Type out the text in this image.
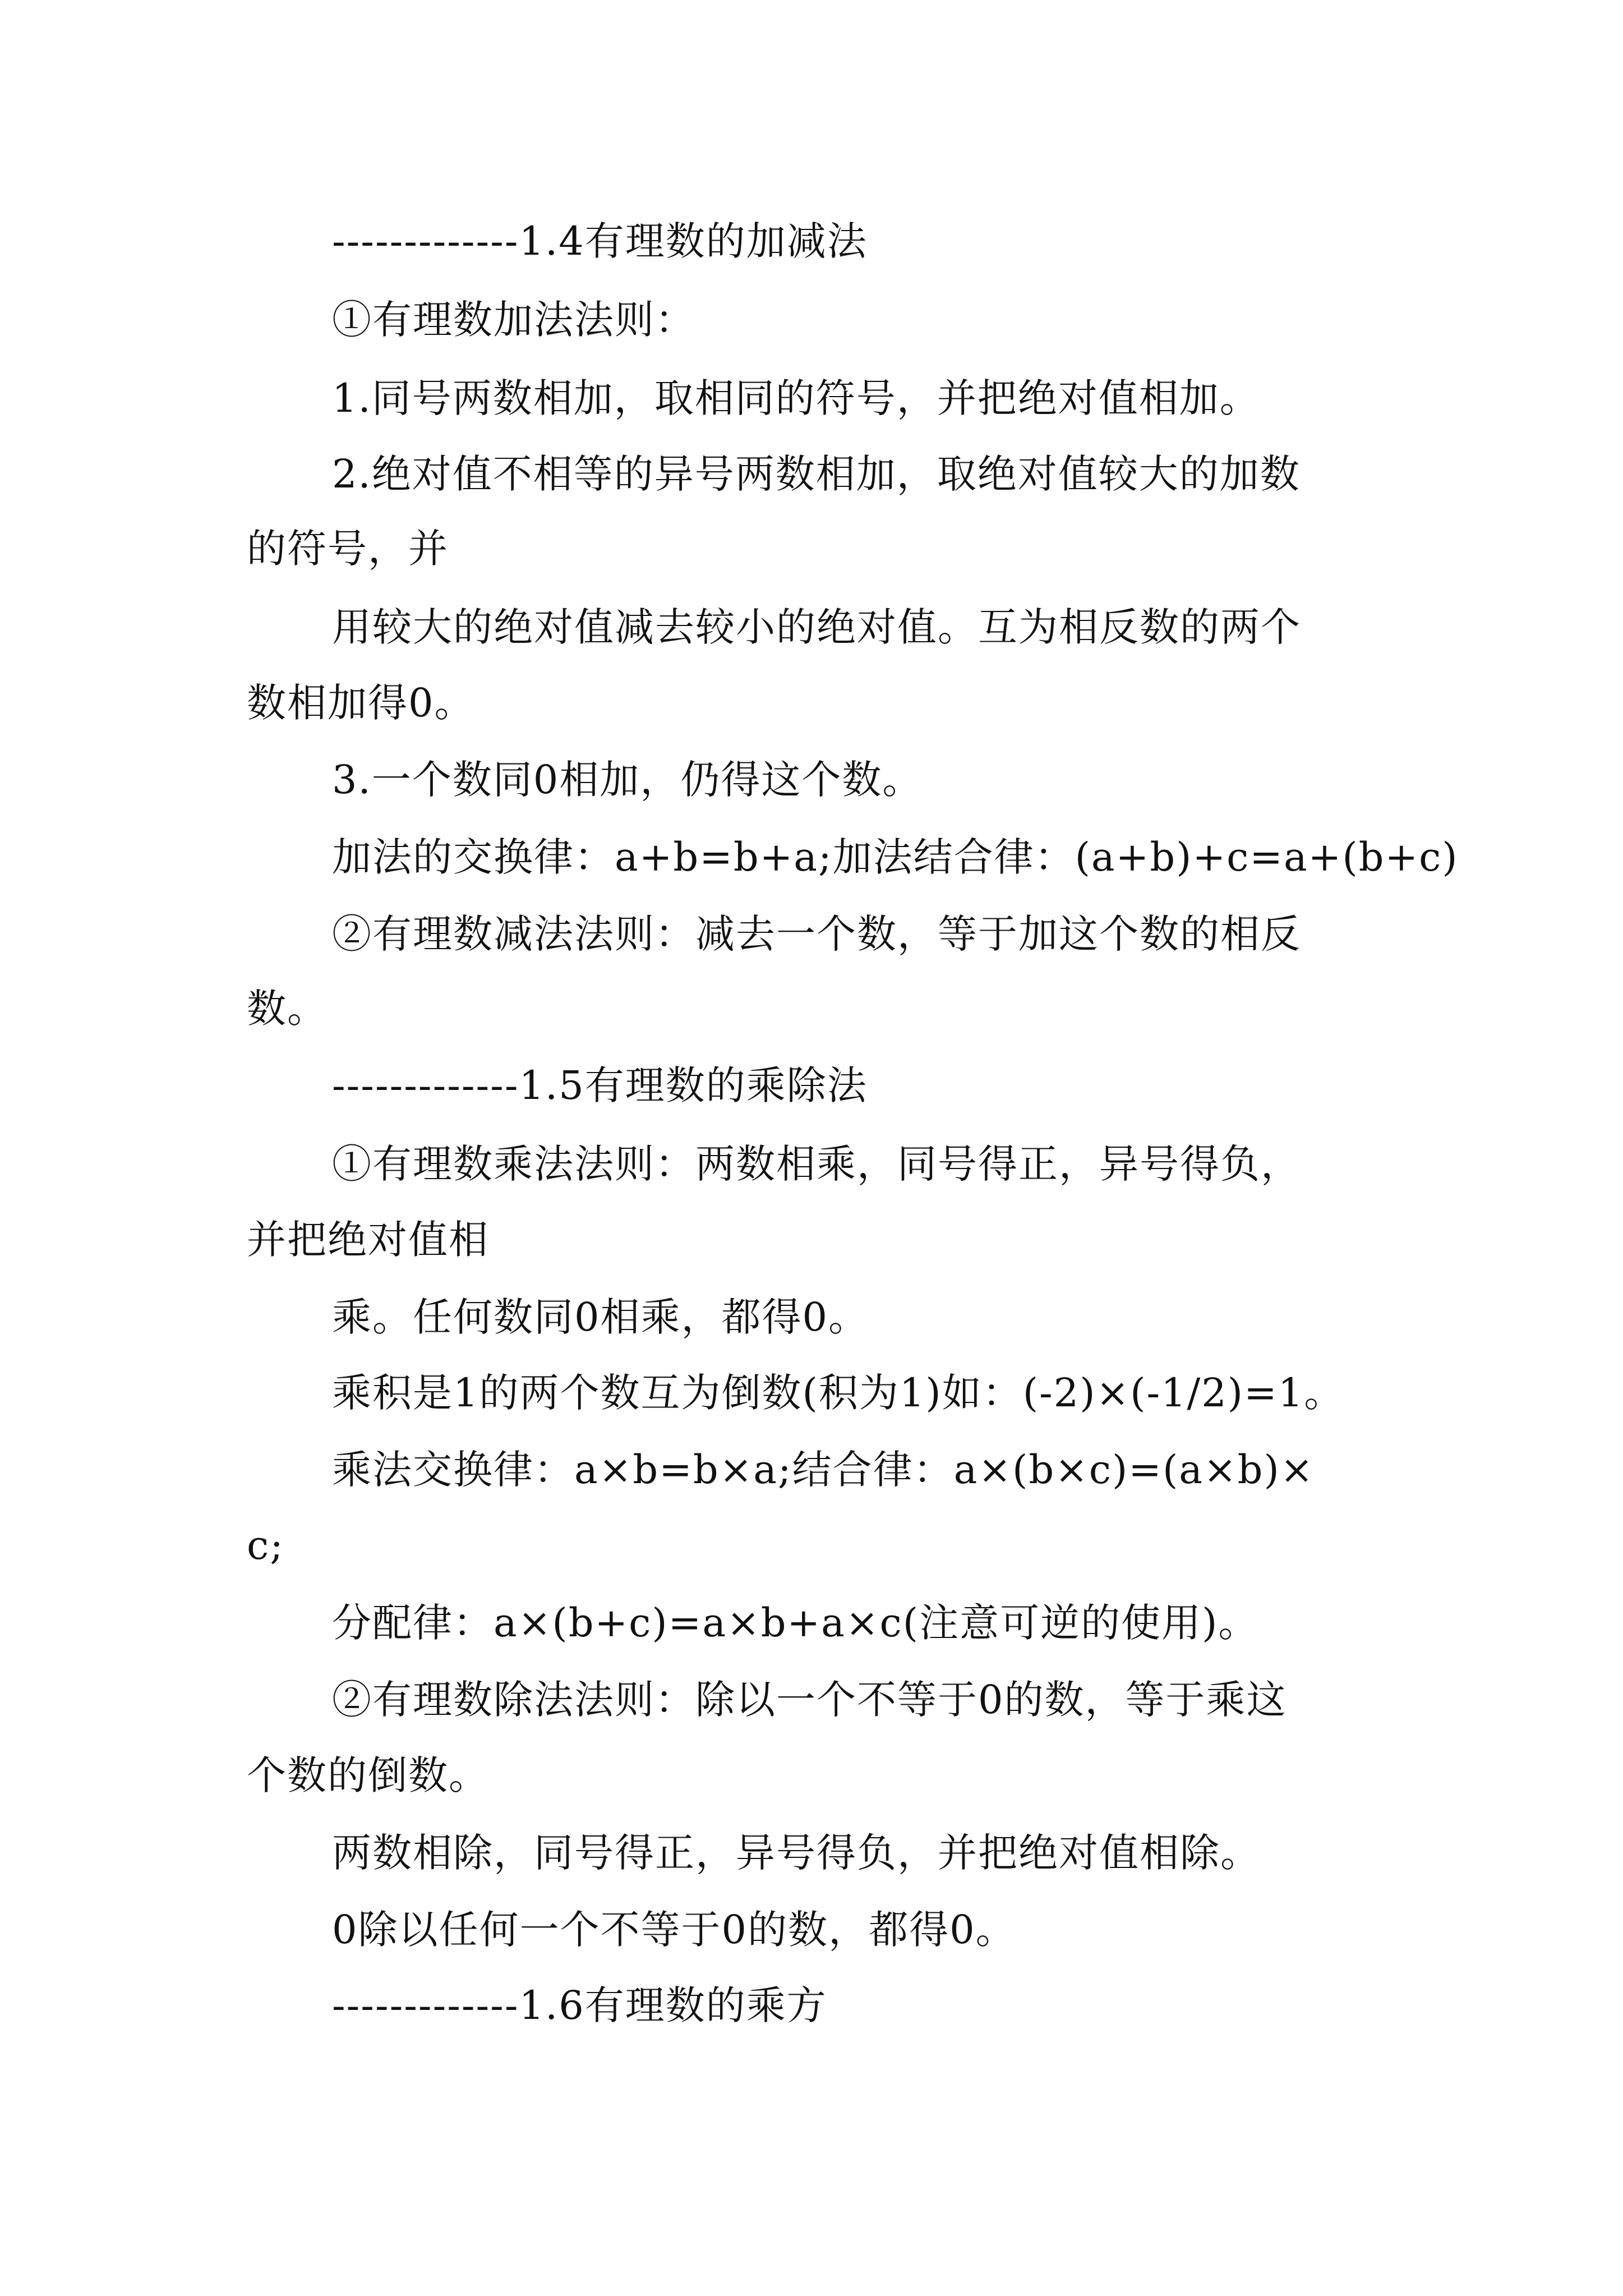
-------------1.4有理数的加减法
①有理数加法法则：
1.同号两数相加，取相同的符号，并把绝对值相加。
2.绝对值不相等的异号两数相加，取绝对值较大的加数
的符号，并
用较大的绝对值减去较小的绝对值。互为相反数的两个
数相加得0。
3.一个数同0相加，仍得这个数。
加法的交换律：a+b=b+a;加法结合律：(a+b)+c=a+(b+c)
②有理数减法法则：减去一个数，等于加这个数的相反
数。
-------------1.5有理数的乘除法
①有理数乘法法则：两数相乘，同号得正，异号得负，
并把绝对值相
乘。任何数同0相乘，都得0。
乘积是1的两个数互为倒数(积为1)如：(-2)×(-1/2)=1。
乘法交换律：a×b=b×a;结合律：a×(b×c)=(a×b)×
c;
分配律：a×(b+c)=a×b+a×c(注意可逆的使用)。
②有理数除法法则：除以一个不等于0的数，等于乘这
个数的倒数。
两数相除，同号得正，异号得负，并把绝对值相除。
0除以任何一个不等于0的数，都得0。
-------------1.6有理数的乘方
